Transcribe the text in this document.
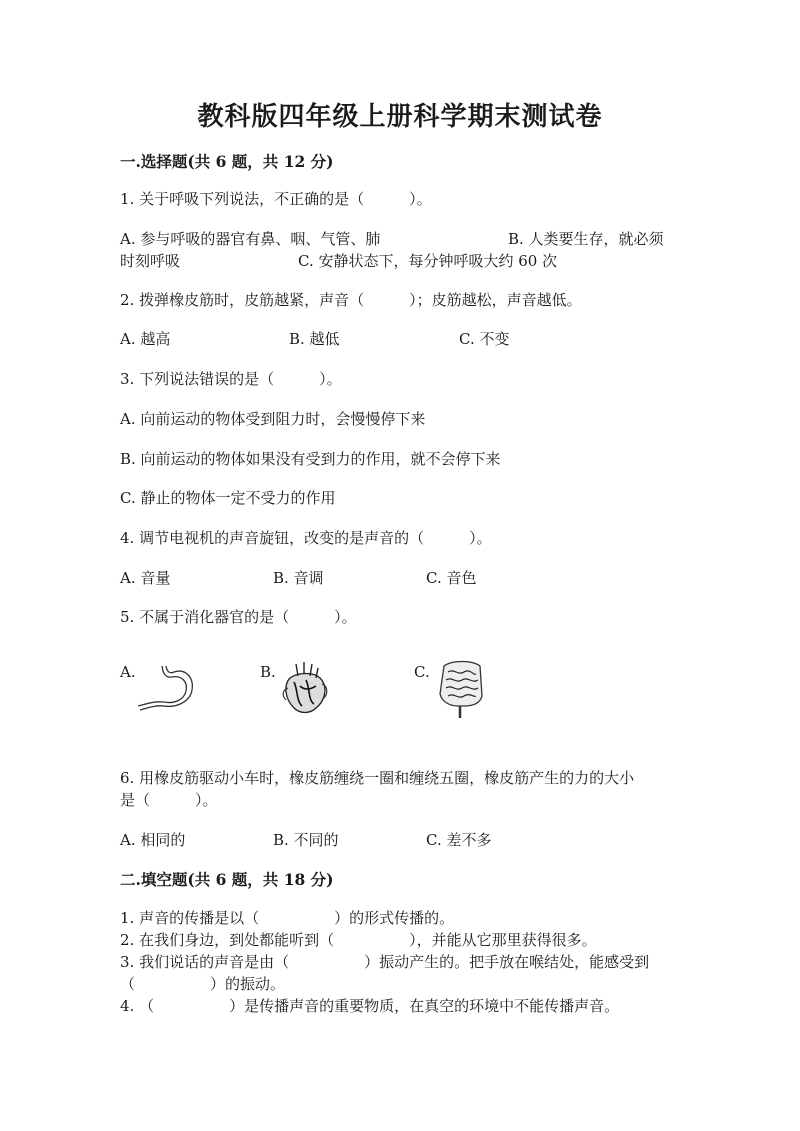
教科版四年级上册科学期末测试卷
一.选择题(共 6 题，共 12 分)
1. 关于呼吸下列说法，不正确的是（　　　）。
A. 参与呼吸的器官有鼻、咽、气管、肺	B. 人类要生存，就必须
时刻呼吸	C. 安静状态下，每分钟呼吸大约 60 次
2. 拨弹橡皮筋时，皮筋越紧，声音（　　　）；皮筋越松，声音越低。
A. 越高	B. 越低	C. 不变
3. 下列说法错误的是（　　　）。
A. 向前运动的物体受到阻力时，会慢慢停下来
B. 向前运动的物体如果没有受到力的作用，就不会停下来
C. 静止的物体一定不受力的作用
4. 调节电视机的声音旋钮，改变的是声音的（　　　）。
A. 音量	B. 音调	C. 音色
5. 不属于消化器官的是（　　　）。
A.	B.	C.
6. 用橡皮筋驱动小车时，橡皮筋缠绕一圈和缠绕五圈，橡皮筋产生的力的大小
是（　　　）。
A. 相同的	B. 不同的	C. 差不多
二.填空题(共 6 题，共 18 分)
1. 声音的传播是以（　　　　　）的形式传播的。
2. 在我们身边，到处都能听到（　　　　　），并能从它那里获得很多。
3. 我们说话的声音是由（　　　　　）振动产生的。把手放在喉结处，能感受到
（　　　　　）的振动。
4. （　　　　　）是传播声音的重要物质，在真空的环境中不能传播声音。
